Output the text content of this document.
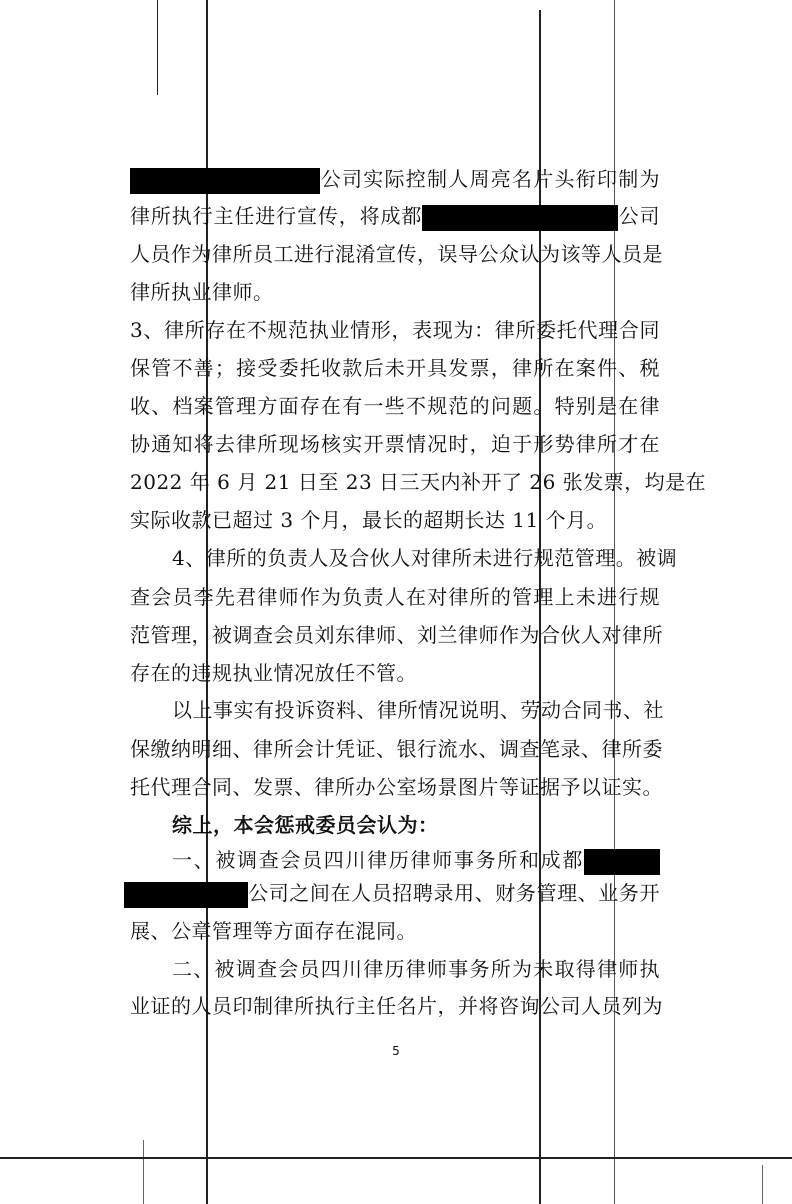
公司实际控制人周亮名片头衔印制为
律所执行主任进行宣传，将成都	公司
人员作为律所员工进行混淆宣传，误导公众认为该等人员是
律所执业律师。
3、律所存在不规范执业情形，表现为：律所委托代理合同
保管不善；接受委托收款后未开具发票，律所在案件、税
收、档案管理方面存在有一些不规范的问题。特别是在律
协通知将去律所现场核实开票情况时，迫于形势律所才在
2022 年 6 月 21 日至 23 日三天内补开了 26 张发票，均是在
实际收款已超过 3 个月，最长的超期长达 11 个月。
4、律所的负责人及合伙人对律所未进行规范管理。被调
查会员李先君律师作为负责人在对律所的管理上未进行规
范管理，被调查会员刘东律师、刘兰律师作为合伙人对律所
存在的违规执业情况放任不管。
以上事实有投诉资料、律所情况说明、劳动合同书、社
保缴纳明细、律所会计凭证、银行流水、调查笔录、律所委
托代理合同、发票、律所办公室场景图片等证据予以证实。
综上，本会惩戒委员会认为：
一、被调查会员四川律历律师事务所和成都
公司之间在人员招聘录用、财务管理、业务开
展、公章管理等方面存在混同。
二、被调查会员四川律历律师事务所为未取得律师执
业证的人员印制律所执行主任名片，并将咨询公司人员列为
5
